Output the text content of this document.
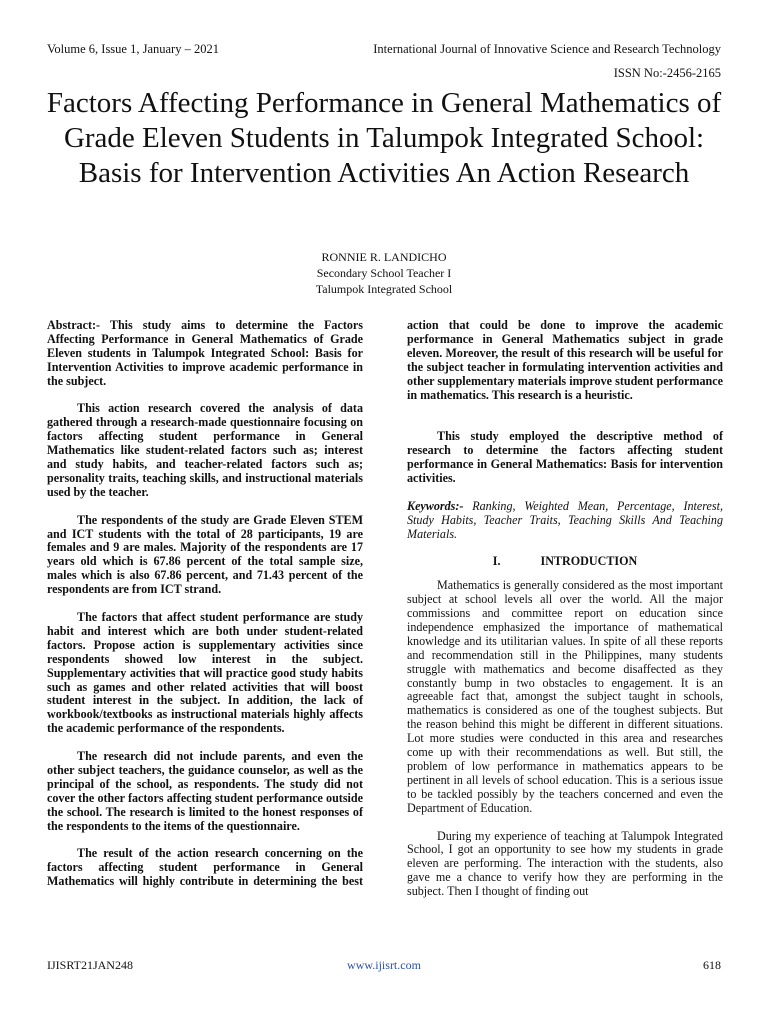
Volume 6, Issue 1, January – 2021	International Journal of Innovative Science and Research Technology
ISSN No:-2456-2165
Factors Affecting Performance in General Mathematics of Grade Eleven Students in Talumpok Integrated School: Basis for Intervention Activities An Action Research
RONNIE R. LANDICHO
Secondary School Teacher I
Talumpok Integrated School

Abstract:- This study aims to determine the Factors Affecting Performance in General Mathematics of Grade Eleven students in Talumpok Integrated School: Basis for Intervention Activities to improve academic performance in the subject.

This action research covered the analysis of data gathered through a research-made questionnaire focusing on factors affecting student performance in General Mathematics like student-related factors such as; interest and study habits, and teacher-related factors such as; personality traits, teaching skills, and instructional materials used by the teacher.

The respondents of the study are Grade Eleven STEM and ICT students with the total of 28 participants, 19 are females and 9 are males. Majority of the respondents are 17 years old which is 67.86 percent of the total sample size, males which is also 67.86 percent, and 71.43 percent of the respondents are from ICT strand.

The factors that affect student performance are study habit and interest which are both under student-related factors. Propose action is supplementary activities since respondents showed low interest in the subject. Supplementary activities that will practice good study habits such as games and other related activities that will boost student interest in the subject. In addition, the lack of workbook/textbooks as instructional materials highly affects the academic performance of the respondents.

The research did not include parents, and even the other subject teachers, the guidance counselor, as well as the principal of the school, as respondents. The study did not cover the other factors affecting student performance outside the school. The research is limited to the honest responses of the respondents to the items of the questionnaire.

The result of the action research concerning on the factors affecting student performance in General Mathematics will highly contribute in determining the best

action that could be done to improve the academic performance in General Mathematics subject in grade eleven. Moreover, the result of this research will be useful for the subject teacher in formulating intervention activities and other supplementary materials improve student performance in mathematics. This research is a heuristic.

This study employed the descriptive method of research to determine the factors affecting student performance in General Mathematics: Basis for intervention activities.

Keywords:- Ranking, Weighted Mean, Percentage, Interest, Study Habits, Teacher Traits, Teaching Skills And Teaching Materials.

I.	INTRODUCTION

Mathematics is generally considered as the most important subject at school levels all over the world. All the major commissions and committee report on education since independence emphasized the importance of mathematical knowledge and its utilitarian values. In spite of all these reports and recommendation still in the Philippines, many students struggle with mathematics and become disaffected as they constantly bump in two obstacles to engagement. It is an agreeable fact that, amongst the subject taught in schools, mathematics is considered as one of the toughest subjects. But the reason behind this might be different in different situations. Lot more studies were conducted in this area and researches come up with their recommendations as well. But still, the problem of low performance in mathematics appears to be pertinent in all levels of school education. This is a serious issue to be tackled possibly by the teachers concerned and even the Department of Education.

During my experience of teaching at Talumpok Integrated School, I got an opportunity to see how my students in grade eleven are performing. The interaction with the students, also gave me a chance to verify how they are performing in the subject. Then I thought of finding out

IJISRT21JAN248	www.ijisrt.com	618
